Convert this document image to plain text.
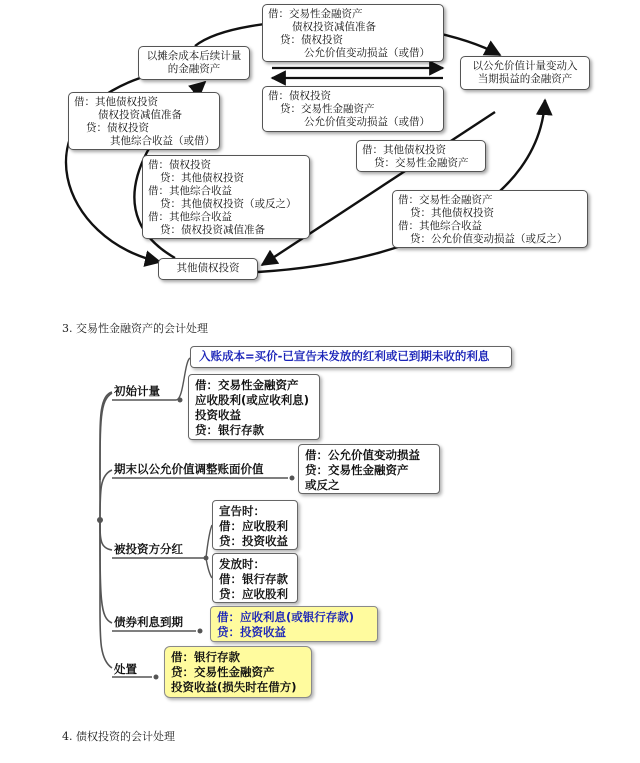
借：交易性金融资产
债权投资减值准备
贷：债权投资
公允价值变动损益（或借）
以摊余成本后续计量
的金融资产	以公允价值计量变动入
当期损益的金融资产
借：债权投资
贷：交易性金融资产
公允价值变动损益（或借）
借：其他债权投资
债权投资减值准备
贷：债权投资
其他综合收益（或借）
借：其他债权投资
贷：交易性金融资产
借：债权投资
贷：其他债权投资
借：其他综合收益
贷：其他债权投资（或反之）
借：其他综合收益
贷：债权投资减值准备
借：交易性金融资产
贷：其他债权投资
借：其他综合收益
贷：公允价值变动损益（或反之）
其他债权投资
3. 交易性金融资产的会计处理
入账成本=买价-已宣告未发放的红利或已到期未收的利息
初始计量	借：交易性金融资产
应收股利(或应收利息)
投资收益
贷：银行存款
期末以公允价值调整账面价值
借：公允价值变动损益
贷：交易性金融资产
或反之
被投资方分红
宣告时：
借：应收股利
贷：投资收益
发放时：
借：银行存款
贷：应收股利
债券利息到期	借：应收利息(或银行存款)
贷：投资收益
处置
借：银行存款
贷：交易性金融资产
投资收益(损失时在借方)
4. 债权投资的会计处理
